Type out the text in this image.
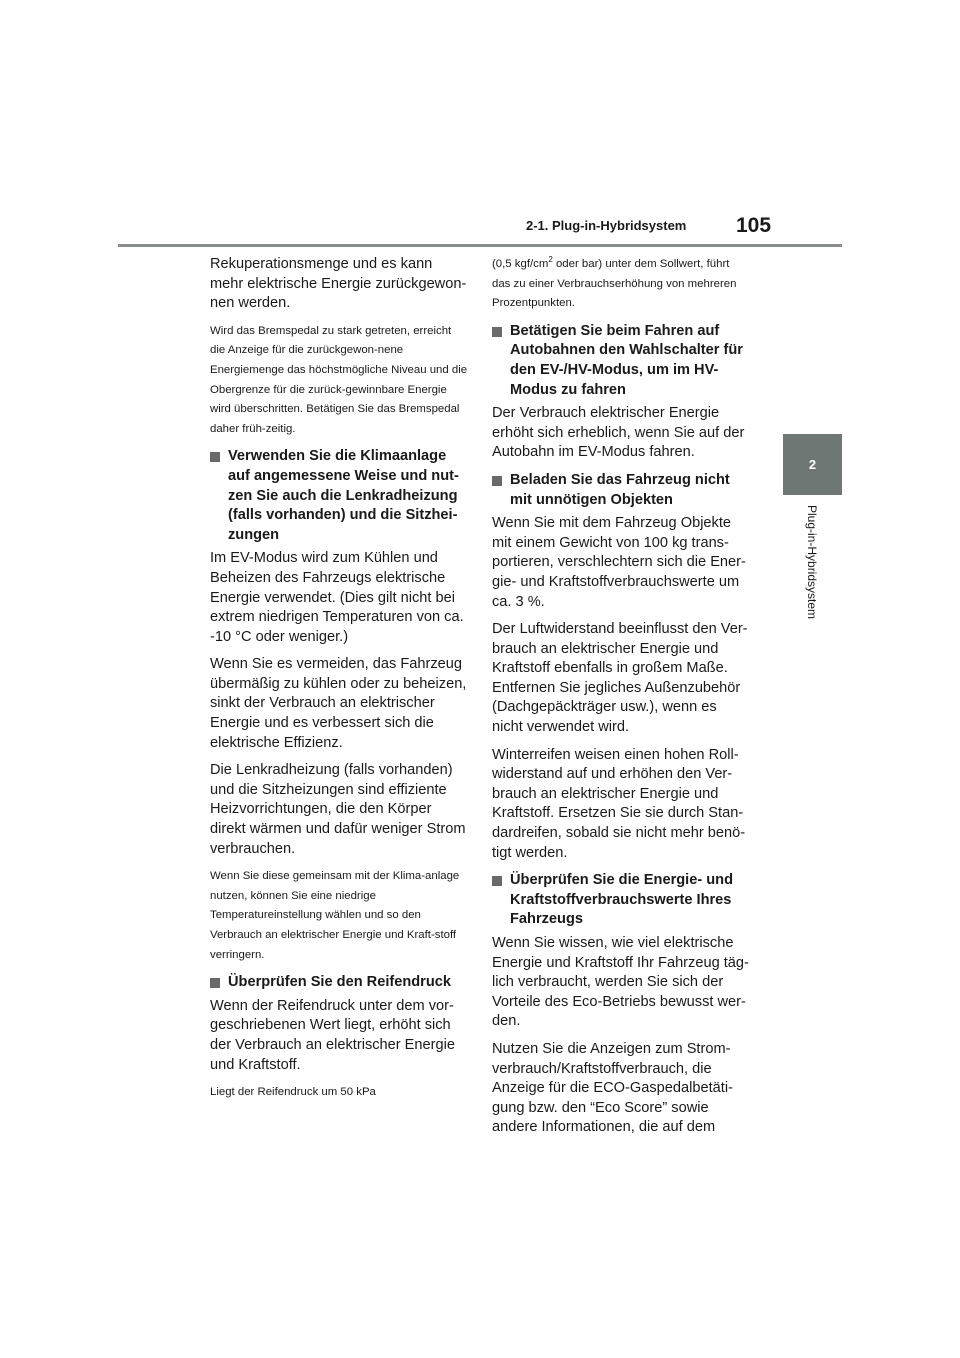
2-1. Plug-in-Hybridsystem 105
2
Plug-in-Hybridsystem

Rekuperationsmenge und es kann mehr elektrische Energie zurückgewon-nen werden.

Wird das Bremspedal zu stark getreten, erreicht die Anzeige für die zurückgewon-nene Energiemenge das höchstmögliche Niveau und die Obergrenze für die zurück-gewinnbare Energie wird überschritten. Betätigen Sie das Bremspedal daher früh-zeitig.

Verwenden Sie die Klimaanlage auf angemessene Weise und nut-zen Sie auch die Lenkradheizung (falls vorhanden) und die Sitzhei-zungen

Im EV-Modus wird zum Kühlen und Beheizen des Fahrzeugs elektrische Energie verwendet. (Dies gilt nicht bei extrem niedrigen Temperaturen von ca. -10 °C oder weniger.)

Wenn Sie es vermeiden, das Fahrzeug übermäßig zu kühlen oder zu beheizen, sinkt der Verbrauch an elektrischer Energie und es verbessert sich die elektrische Effizienz.

Die Lenkradheizung (falls vorhanden) und die Sitzheizungen sind effiziente Heizvorrichtungen, die den Körper direkt wärmen und dafür weniger Strom verbrauchen.

Wenn Sie diese gemeinsam mit der Klima-anlage nutzen, können Sie eine niedrige Temperatureinstellung wählen und so den Verbrauch an elektrischer Energie und Kraft-stoff verringern.

Überprüfen Sie den Reifendruck

Wenn der Reifendruck unter dem vor-geschriebenen Wert liegt, erhöht sich der Verbrauch an elektrischer Energie und Kraftstoff.

Liegt der Reifendruck um 50 kPa

(0,5 kgf/$cm^2$ oder bar) unter dem Sollwert, führt das zu einer Verbrauchserhöhung von mehreren Prozentpunkten.

Betätigen Sie beim Fahren auf Autobahnen den Wahlschalter für den EV-/HV-Modus, um im HV-Modus zu fahren

Der Verbrauch elektrischer Energie erhöht sich erheblich, wenn Sie auf der Autobahn im EV-Modus fahren.

Beladen Sie das Fahrzeug nicht mit unnötigen Objekten

Wenn Sie mit dem Fahrzeug Objekte mit einem Gewicht von 100 kg trans-portieren, verschlechtern sich die Ener-gie- und Kraftstoffverbrauchswerte um ca. 3 %.

Der Luftwiderstand beeinflusst den Ver-brauch an elektrischer Energie und Kraftstoff ebenfalls in großem Maße. Entfernen Sie jegliches Außenzubehör (Dachgepäckträger usw.), wenn es nicht verwendet wird.

Winterreifen weisen einen hohen Roll-widerstand auf und erhöhen den Ver-brauch an elektrischer Energie und Kraftstoff. Ersetzen Sie sie durch Stan-dardreifen, sobald sie nicht mehr benö-tigt werden.

Überprüfen Sie die Energie- und Kraftstoffverbrauchswerte Ihres Fahrzeugs

Wenn Sie wissen, wie viel elektrische Energie und Kraftstoff Ihr Fahrzeug täg-lich verbraucht, werden Sie sich der Vorteile des Eco-Betriebs bewusst wer-den.

Nutzen Sie die Anzeigen zum Strom-verbrauch/Kraftstoffverbrauch, die Anzeige für die ECO-Gaspedalbetäti-gung bzw. den “Eco Score” sowie andere Informationen, die auf dem
